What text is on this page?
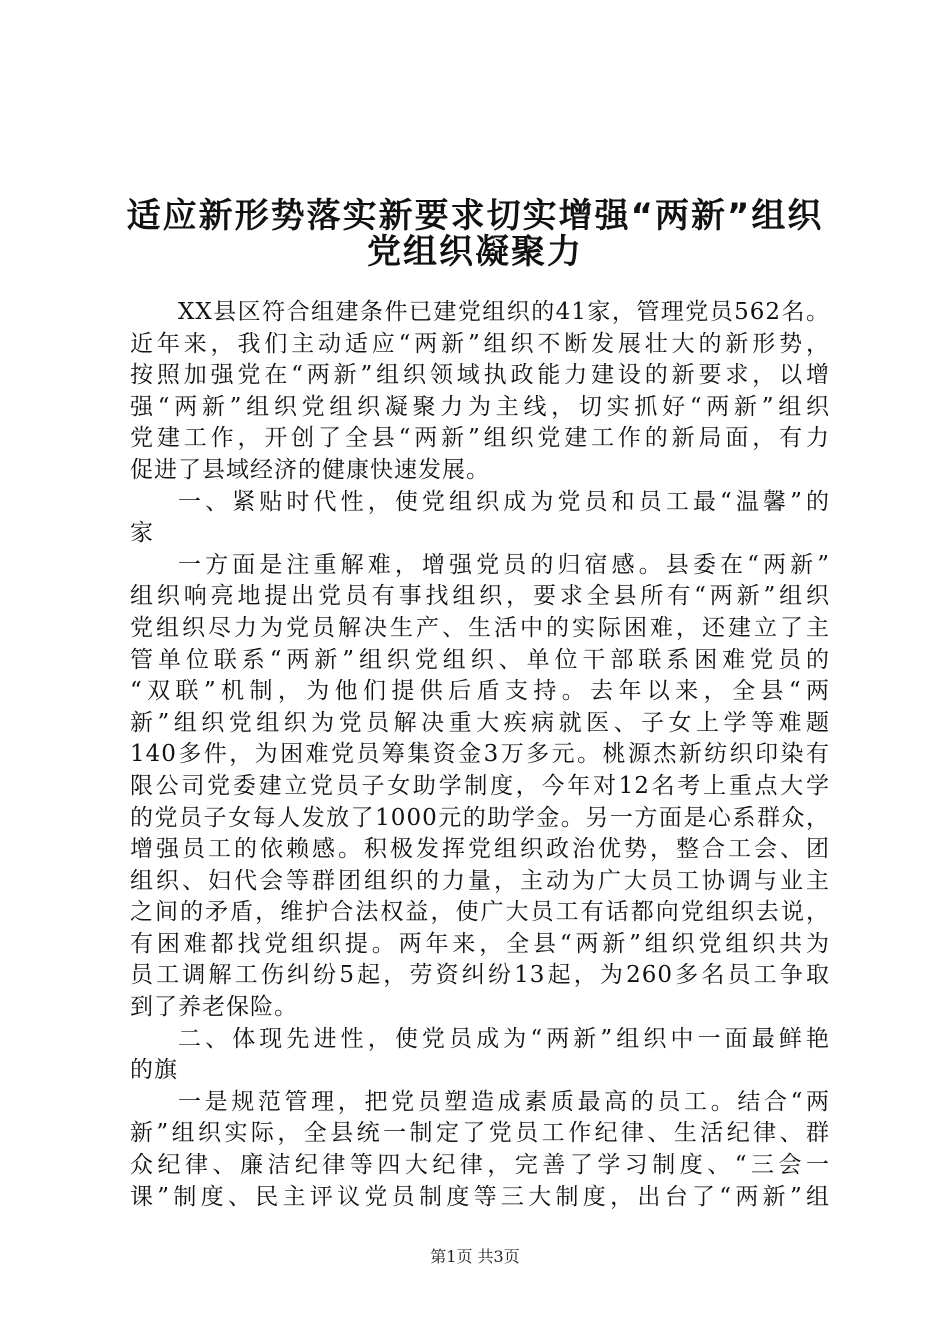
适应新形势落实新要求切实增强“两新”组织
党组织凝聚力
XX县区符合组建条件已建党组织的41家，管理党员562名。
近年来，我们主动适应“两新”组织不断发展壮大的新形势，
按照加强党在“两新”组织领域执政能力建设的新要求，以增
强“两新”组织党组织凝聚力为主线，切实抓好“两新”组织
党建工作，开创了全县“两新”组织党建工作的新局面，有力
促进了县域经济的健康快速发展。
一、紧贴时代性，使党组织成为党员和员工最“温馨”的
家
一方面是注重解难，增强党员的归宿感。县委在“两新”
组织响亮地提出党员有事找组织，要求全县所有“两新”组织
党组织尽力为党员解决生产、生活中的实际困难，还建立了主
管单位联系“两新”组织党组织、单位干部联系困难党员的
“双联”机制，为他们提供后盾支持。去年以来，全县“两
新”组织党组织为党员解决重大疾病就医、子女上学等难题
140多件，为困难党员筹集资金3万多元。桃源杰新纺织印染有
限公司党委建立党员子女助学制度，今年对12名考上重点大学
的党员子女每人发放了1000元的助学金。另一方面是心系群众，
增强员工的依赖感。积极发挥党组织政治优势，整合工会、团
组织、妇代会等群团组织的力量，主动为广大员工协调与业主
之间的矛盾，维护合法权益，使广大员工有话都向党组织去说，
有困难都找党组织提。两年来，全县“两新”组织党组织共为
员工调解工伤纠纷5起，劳资纠纷13起，为260多名员工争取
到了养老保险。
二、体现先进性，使党员成为“两新”组织中一面最鲜艳
的旗
一是规范管理，把党员塑造成素质最高的员工。结合“两
新”组织实际，全县统一制定了党员工作纪律、生活纪律、群
众纪律、廉洁纪律等四大纪律，完善了学习制度、“三会一
课”制度、民主评议党员制度等三大制度，出台了“两新”组
第1页 共3页
